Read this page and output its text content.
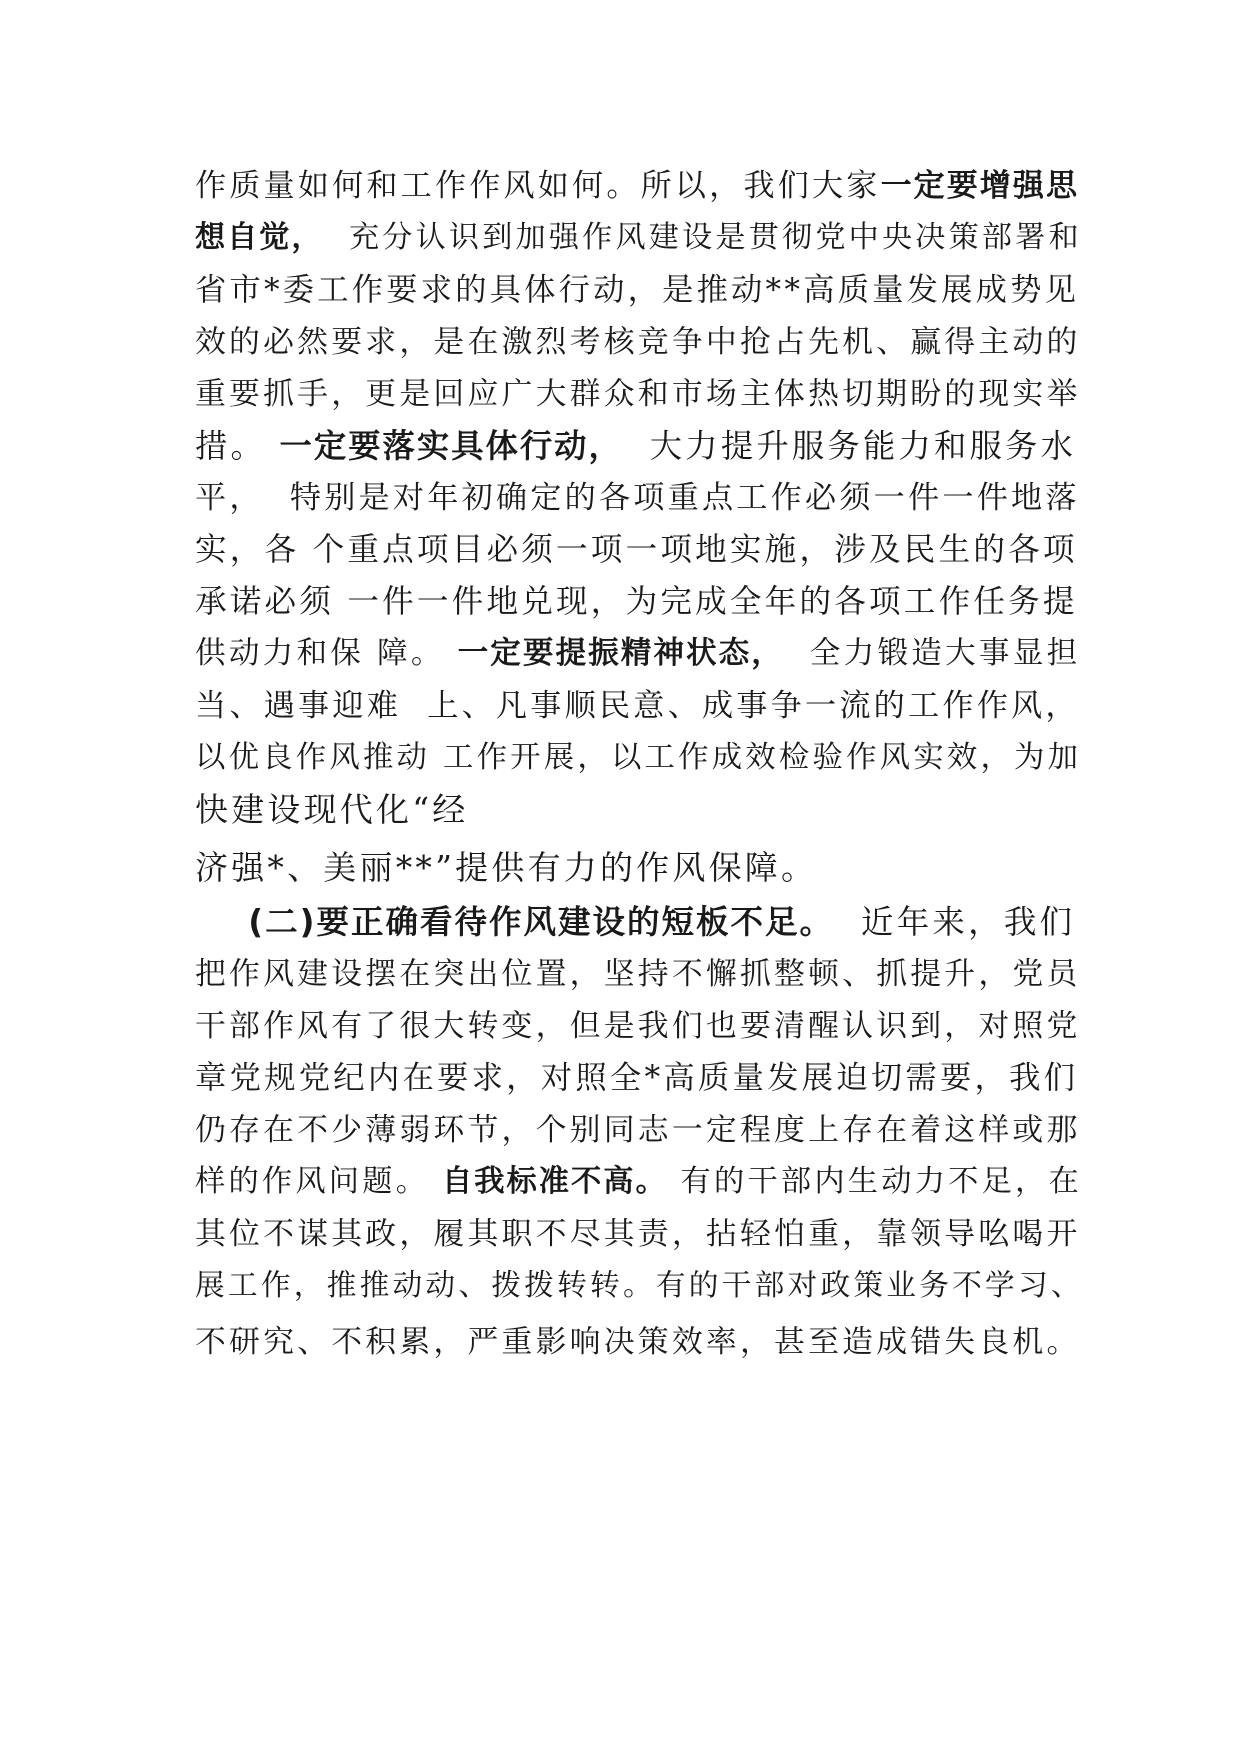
作质量如何和工作作风如何。所以，我们大家一定要增强思
想自觉，  充分认识到加强作风建设是贯彻党中央决策部署和
省市*委工作要求的具体行动，是推动**高质量发展成势见
效的必然要求，是在激烈考核竞争中抢占先机、赢得主动的
重要抓手，更是回应广大群众和市场主体热切期盼的现实举
措。 一定要落实具体行动，  大力提升服务能力和服务水
平，  特别是对年初确定的各项重点工作必须一件一件地落
实，各 个重点项目必须一项一项地实施，涉及民生的各项
承诺必须 一件一件地兑现，为完成全年的各项工作任务提
供动力和保 障。 一定要提振精神状态，  全力锻造大事显担
当、遇事迎难  上、凡事顺民意、成事争一流的工作作风，
以优良作风推动 工作开展，以工作成效检验作风实效，为加
快建设现代化“经
济强*、美丽**”提供有力的作风保障。
(二)要正确看待作风建设的短板不足。  近年来，我们
把作风建设摆在突出位置，坚持不懈抓整顿、抓提升，党员
干部作风有了很大转变，但是我们也要清醒认识到，对照党
章党规党纪内在要求，对照全*高质量发展迫切需要，我们
仍存在不少薄弱环节，个别同志一定程度上存在着这样或那
样的作风问题。 自我标准不高。 有的干部内生动力不足，在
其位不谋其政，履其职不尽其责，拈轻怕重，靠领导吆喝开
展工作，推推动动、拨拨转转。有的干部对政策业务不学习、
不研究、不积累，严重影响决策效率，甚至造成错失良机。
